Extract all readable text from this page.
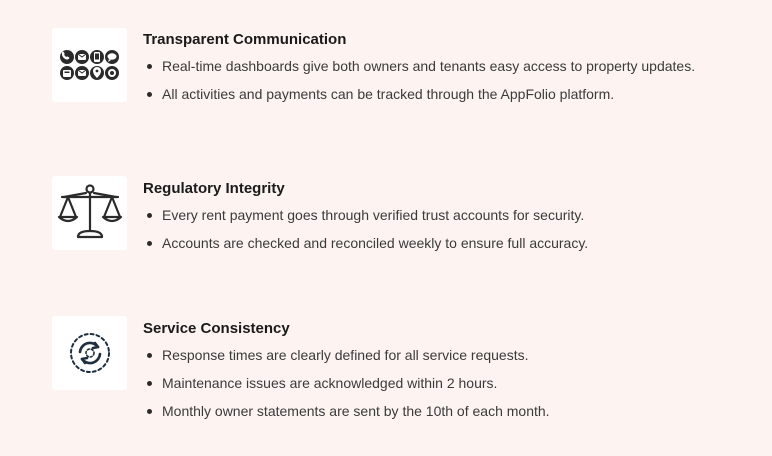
Transparent Communication
Real-time dashboards give both owners and tenants easy access to property updates.
All activities and payments can be tracked through the AppFolio platform.
Regulatory Integrity
Every rent payment goes through verified trust accounts for security.
Accounts are checked and reconciled weekly to ensure full accuracy.
Service Consistency
Response times are clearly defined for all service requests.
Maintenance issues are acknowledged within 2 hours.
Monthly owner statements are sent by the 10th of each month.
